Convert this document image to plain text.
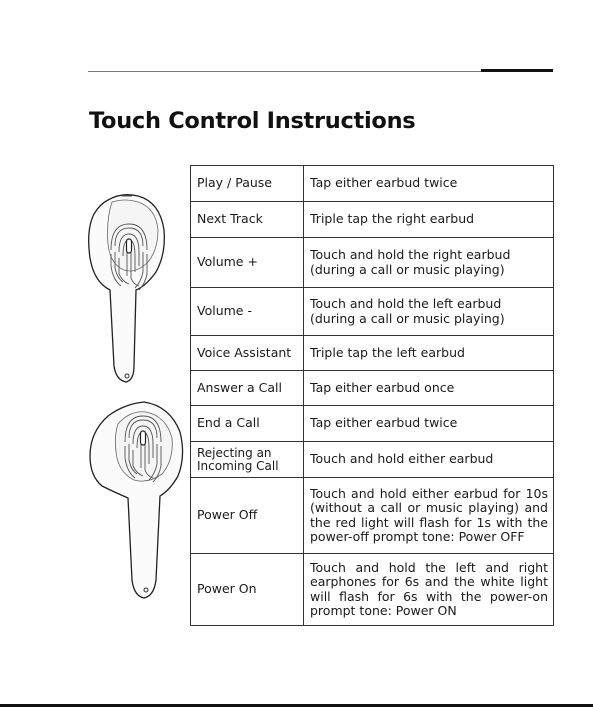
Touch Control Instructions
Play / Pause	Tap either earbud twice
Next Track	Triple tap the right earbud
Volume +	Touch and hold the right earbud
(during a call or music playing)
Volume -	Touch and hold the left earbud
(during a call or music playing)
Voice Assistant	Triple tap the left earbud
Answer a Call	Tap either earbud once
End a Call	Tap either earbud twice
Rejecting an
Incoming Call	Touch and hold either earbud
Power Off	Touch and hold either earbud for 10s (without a call or music playing) and the red light will flash for 1s with the power-off prompt tone: Power OFF
Power On	Touch and hold the left and right earphones for 6s and the white light will flash for 6s with the power-on prompt tone: Power ON
